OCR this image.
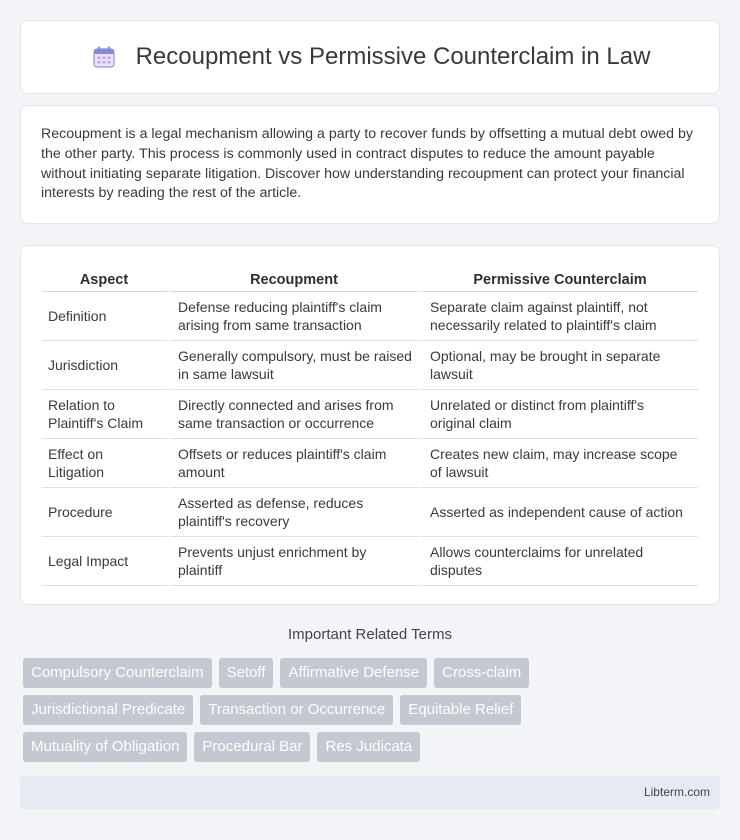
Recoupment vs Permissive Counterclaim in Law

Recoupment is a legal mechanism allowing a party to recover funds by offsetting a mutual debt owed by the other party. This process is commonly used in contract disputes to reduce the amount payable without initiating separate litigation. Discover how understanding recoupment can protect your financial interests by reading the rest of the article.

Aspect	Recoupment	Permissive Counterclaim
Definition	Defense reducing plaintiff's claim arising from same transaction	Separate claim against plaintiff, not necessarily related to plaintiff's claim
Jurisdiction	Generally compulsory, must be raised in same lawsuit	Optional, may be brought in separate lawsuit
Relation to Plaintiff's Claim	Directly connected and arises from same transaction or occurrence	Unrelated or distinct from plaintiff's original claim
Effect on Litigation	Offsets or reduces plaintiff's claim amount	Creates new claim, may increase scope of lawsuit
Procedure	Asserted as defense, reduces plaintiff's recovery	Asserted as independent cause of action
Legal Impact	Prevents unjust enrichment by plaintiff	Allows counterclaims for unrelated disputes
Important Related Terms
Compulsory Counterclaim	Setoff	Affirmative Defense	Cross-claim
Jurisdictional Predicate	Transaction or Occurrence	Equitable Relief
Mutuality of Obligation	Procedural Bar	Res Judicata
Libterm.com
